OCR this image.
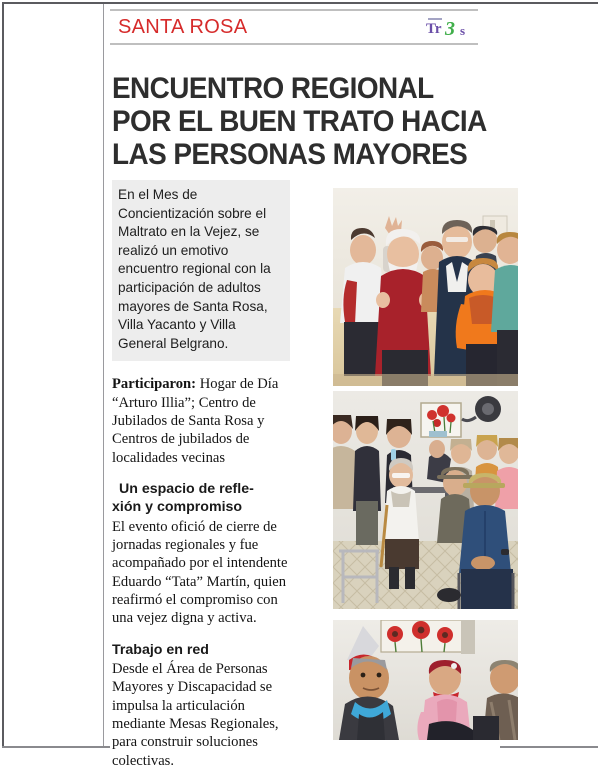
SANTA ROSA	Tr 3 s
ENCUENTRO REGIONAL
POR EL BUEN TRATO HACIA
LAS PERSONAS MAYORES

En el Mes de Concientización sobre el Maltrato en la Vejez, se realizó un emotivo encuentro regional con la participación de adultos mayores de Santa Rosa, Villa Yacanto y Villa General Belgrano.

Participaron: Hogar de Día “Arturo Illia”; Centro de Jubilados de Santa Rosa y Centros de jubilados de localidades vecinas

Un espacio de refle-
xión y compromiso

El evento ofició de cierre de jornadas regionales y fue acompañado por el intendente Eduardo “Tata” Martín, quien reafirmó el compromiso con una vejez digna y activa.

Trabajo en red

Desde el Área de Personas Mayores y Discapacidad se impulsa la articulación mediante Mesas Regionales, para construir soluciones colectivas.
